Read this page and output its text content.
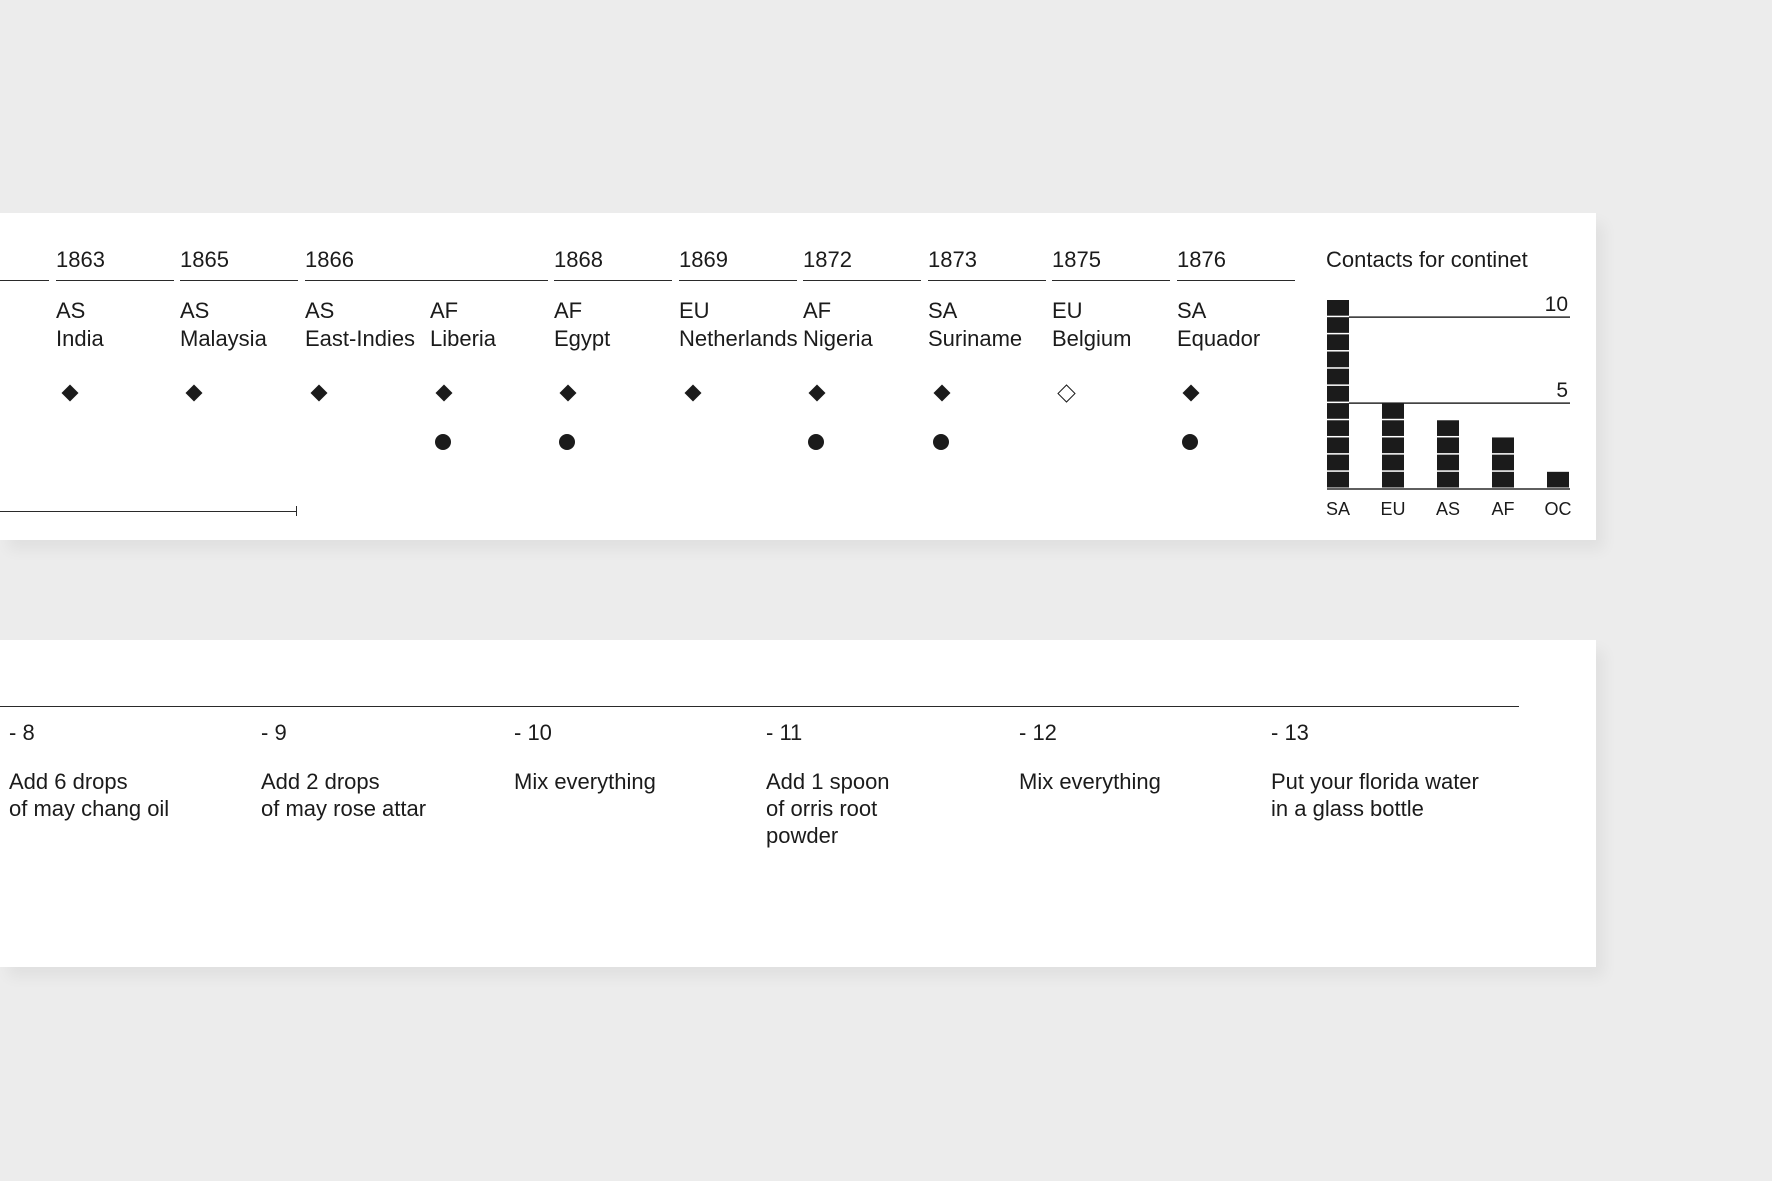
1863
AS
India
1865
AS
Malaysia
1866
AS
East-Indies
AF
Liberia
1868
AF
Egypt
1869
EU
Netherlands
1872
AF
Nigeria
1873
SA
Suriname
1875
EU
Belgium
1876
SA
Equador
Contacts for continet
5
10
SA EU AS AF OC
- 8
Add 6 drops
of may chang oil
- 9
Add 2 drops
of may rose attar
- 10
Mix everything
- 11
Add 1 spoon
of orris root
powder
- 12
Mix everything
- 13
Put your florida water
in a glass bottle
